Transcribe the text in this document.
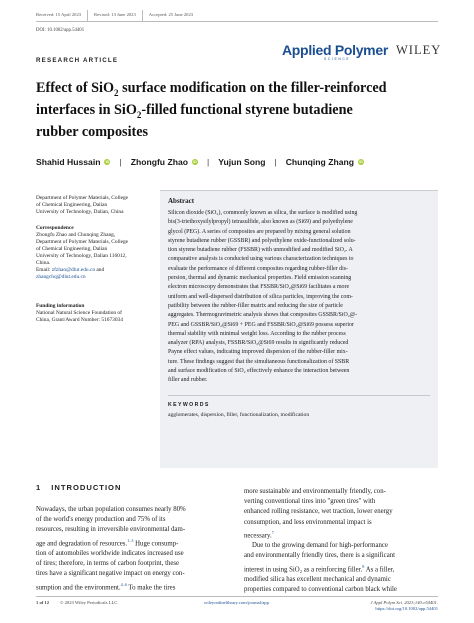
Received: 15 April 2023	Revised: 13 June 2023	Accepted: 25 June 2023
DOI: 10.1002/app.54401
RESEARCH ARTICLE
Applied Polymer
SCIENCE
WILEY
Effect of SiO$_2$ surface modification on the filler-reinforced
interfaces in SiO$_2$-filled functional styrene butadiene
rubber composites
Shahid Hussain	iD | Zhongfu Zhao	iD | Yujun Song | Chunqing Zhang	iD
Department of Polymer Materials, College
of Chemical Engineering, Dalian
University of Technology, Dalian, China
Correspondence
Zhongfu Zhao and Chunqing Zhang,
Department of Polymer Materials, College
of Chemical Engineering, Dalian
University of Technology, Dalian 116012,
China.
Email: zfzhao@dlut.edu.cn and
zhangchq@dlut.edu.cn
Funding information
National Natural Science Foundation of
China, Grant/Award Number: 51673034
Abstract
Silicon dioxide (SiO₂), commonly known as silica, the surface is modified using
bis(3-triethoxysilylpropyl) tetrasulfide, also known as (Si69) and polyethylene
glycol (PEG). A series of composites are prepared by mixing general solution
styrene butadiene rubber (GSSBR) and polyethylene oxide-functionalized solu-
tion styrene butadiene rubber (FSSBR) with unmodified and modified SiO₂. A
comparative analysis is conducted using various characterization techniques to
evaluate the performance of different composites regarding rubber-filler dis-
persion, thermal and dynamic mechanical properties. Field emission scanning
electron microscopy demonstrates that FSSBR/SiO₂@Si69 facilitates a more
uniform and well-dispersed distribution of silica particles, improving the com-
patibility between the rubber-filler matrix and reducing the size of particle
aggregates. Thermogravimetric analysis shows that composites GSSBR/SiO₂@-
PEG and GSSBR/SiO₂@Si69 + PEG and FSSBR/SiO₂@Si69 possess superior
thermal stability with minimal weight loss. According to the rubber process
analyzer (RPA) analysis, FSSBR/SiO₂@Si69 results in significantly reduced
Payne effect values, indicating improved dispersion of the rubber-filler mix-
ture. These findings suggest that the simultaneous functionalization of SSBR
and surface modification of SiO₂ effectively enhance the interaction between
filler and rubber.
KEYWORDS
agglomerates, dispersion, filler, functionalization, modification
1 INTRODUCTION
Nowadays, the urban population consumes nearly 80%
of the world's energy production and 75% of its
resources, resulting in irreversible environmental dam-
age and degradation of resources.$^{1-3}$ Huge consump-
tion of automobiles worldwide indicates increased use
of tires; therefore, in terms of carbon footprint, these
tires have a significant negative impact on energy con-
sumption and the environment.$^{4-6}$ To make the tires
more sustainable and environmentally friendly, con-
verting conventional tires into "green tires" with
enhanced rolling resistance, wet traction, lower energy
consumption, and less environmental impact is
necessary.$^7$
Due to the growing demand for high-performance
and environmentally friendly tires, there is a significant
interest in using SiO₂ as a reinforcing filler.$^8$ As a filler,
modified silica has excellent mechanical and dynamic
properties compared to conventional carbon black while
1 of 12 © 2023 Wiley Periodicals LLC.	wileyonlinelibrary.com/journal/app	J Appl Polym Sci. 2023;140:e54401.
https://doi.org/10.1002/app.54401
